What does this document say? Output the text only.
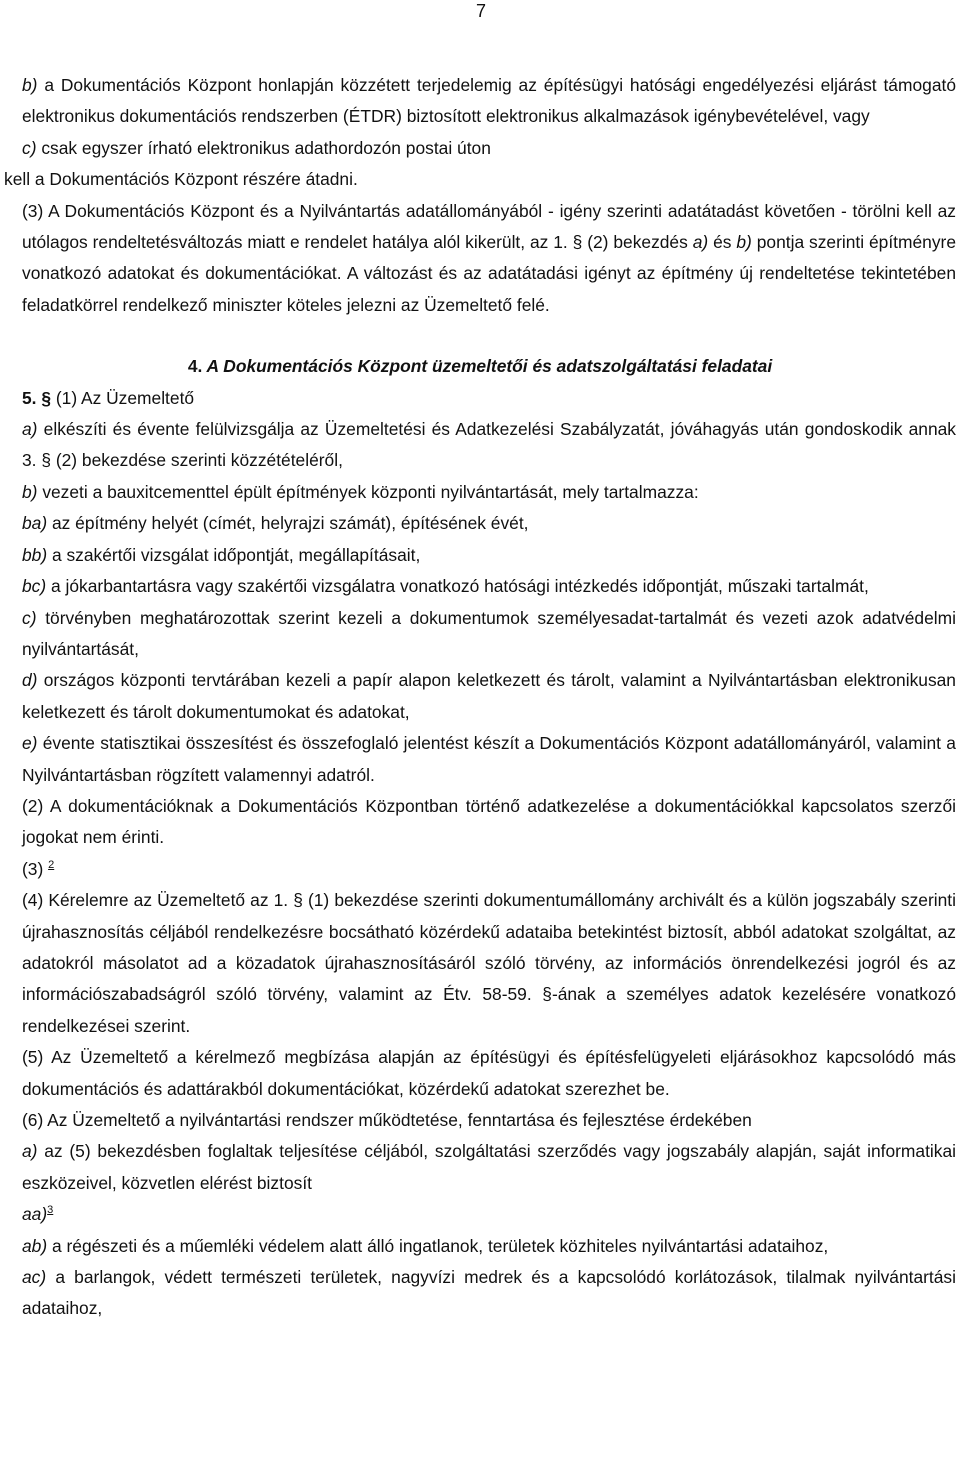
7

b) a Dokumentációs Központ honlapján közzétett terjedelemig az építésügyi hatósági engedélyezési eljárást támogató elektronikus dokumentációs rendszerben (ÉTDR) biztosított elektronikus alkalmazások igénybevételével, vagy

c) csak egyszer írható elektronikus adathordozón postai úton

kell a Dokumentációs Központ részére átadni.

(3) A Dokumentációs Központ és a Nyilvántartás adatállományából - igény szerinti adatátadást követően - törölni kell az utólagos rendeltetésváltozás miatt e rendelet hatálya alól kikerült, az 1. § (2) bekezdés a) és b) pontja szerinti építményre vonatkozó adatokat és dokumentációkat. A változást és az adatátadási igényt az építmény új rendeltetése tekintetében feladatkörrel rendelkező miniszter köteles jelezni az Üzemeltető felé.

4. A Dokumentációs Központ üzemeltetői és adatszolgáltatási feladatai

5. § (1) Az Üzemeltető

a) elkészíti és évente felülvizsgálja az Üzemeltetési és Adatkezelési Szabályzatát, jóváhagyás után gondoskodik annak 3. § (2) bekezdése szerinti közzétételéről,

b) vezeti a bauxitcementtel épült építmények központi nyilvántartását, mely tartalmazza:

ba) az építmény helyét (címét, helyrajzi számát), építésének évét,

bb) a szakértői vizsgálat időpontját, megállapításait,

bc) a jókarbantartásra vagy szakértői vizsgálatra vonatkozó hatósági intézkedés időpontját, műszaki tartalmát,

c) törvényben meghatározottak szerint kezeli a dokumentumok személyesadat-tartalmát és vezeti azok adatvédelmi nyilvántartását,

d) országos központi tervtárában kezeli a papír alapon keletkezett és tárolt, valamint a Nyilvántartásban elektronikusan keletkezett és tárolt dokumentumokat és adatokat,

e) évente statisztikai összesítést és összefoglaló jelentést készít a Dokumentációs Központ adatállományáról, valamint a Nyilvántartásban rögzített valamennyi adatról.

(2) A dokumentációknak a Dokumentációs Központban történő adatkezelése a dokumentációkkal kapcsolatos szerzői jogokat nem érinti.

(3) $^2$

(4) Kérelemre az Üzemeltető az 1. § (1) bekezdése szerinti dokumentumállomány archivált és a külön jogszabály szerinti újrahasznosítás céljából rendelkezésre bocsátható közérdekű adataiba betekintést biztosít, abból adatokat szolgáltat, az adatokról másolatot ad a közadatok újrahasznosításáról szóló törvény, az információs önrendelkezési jogról és az információszabadságról szóló törvény, valamint az Étv. 58-59. §-ának a személyes adatok kezelésére vonatkozó rendelkezései szerint.

(5) Az Üzemeltető a kérelmező megbízása alapján az építésügyi és építésfelügyeleti eljárásokhoz kapcsolódó más dokumentációs és adattárakból dokumentációkat, közérdekű adatokat szerezhet be.

(6) Az Üzemeltető a nyilvántartási rendszer működtetése, fenntartása és fejlesztése érdekében

a) az (5) bekezdésben foglaltak teljesítése céljából, szolgáltatási szerződés vagy jogszabály alapján, saját informatikai eszközeivel, közvetlen elérést biztosít

aa)$^3$

ab) a régészeti és a műemléki védelem alatt álló ingatlanok, területek közhiteles nyilvántartási adataihoz,

ac) a barlangok, védett természeti területek, nagyvízi medrek és a kapcsolódó korlátozások, tilalmak nyilvántartási adataihoz,
